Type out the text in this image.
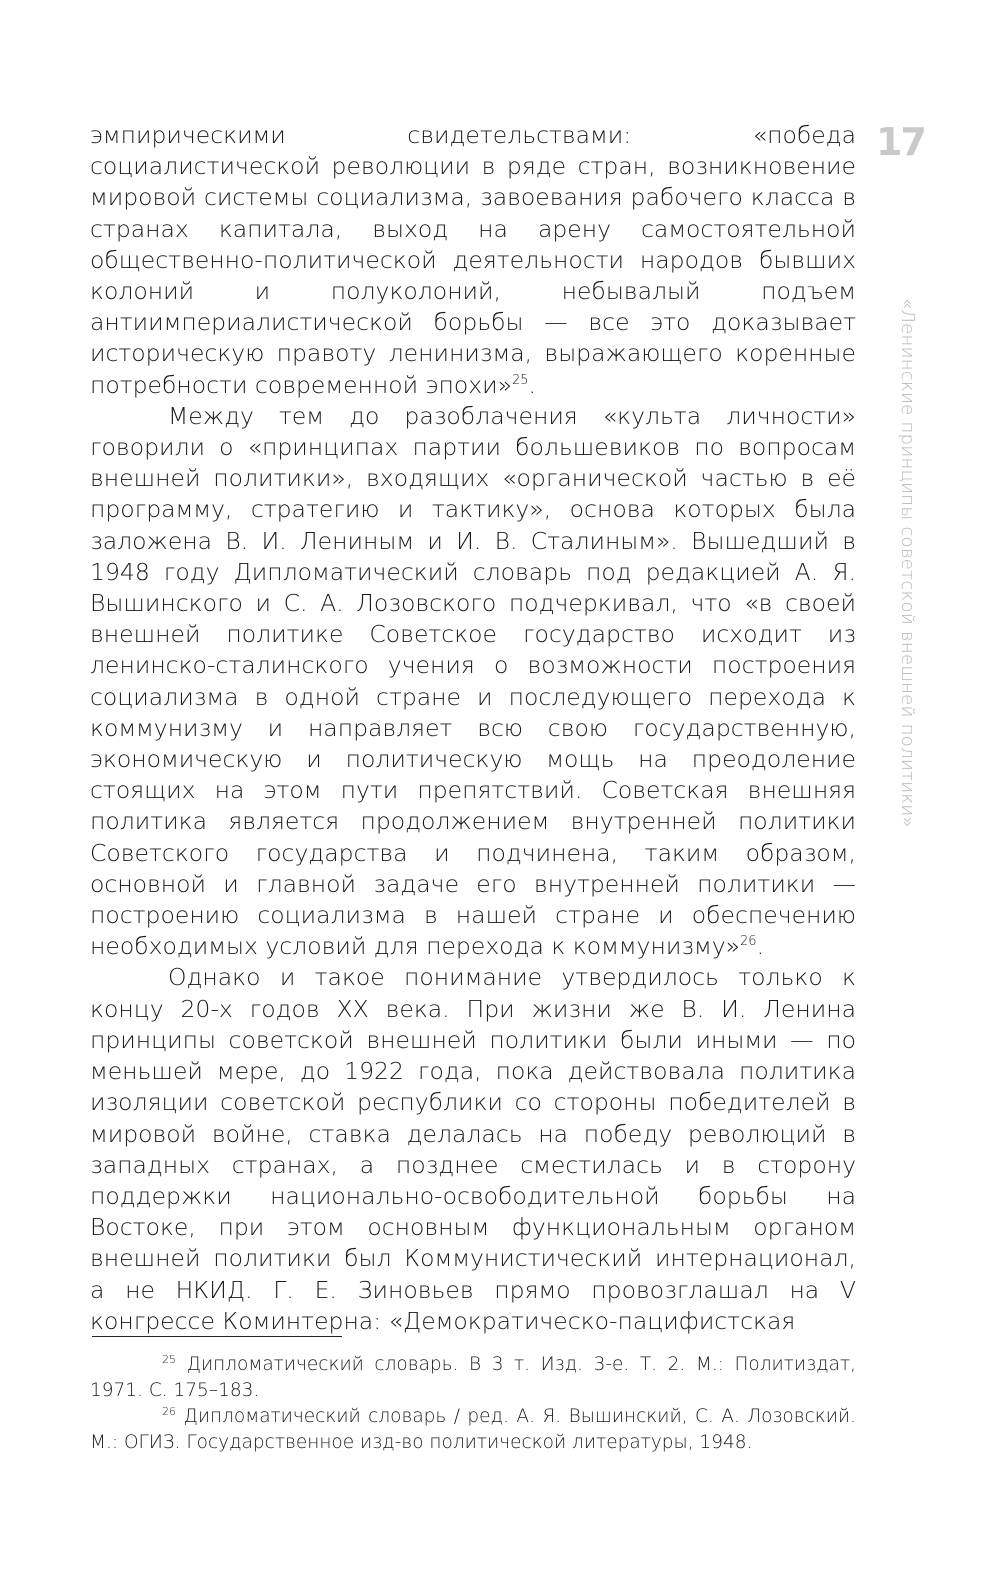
17
«Ленинские принципы советской внешней политики»

эмпирическими свидетельствами: «победа социалистической революции в ряде стран, возникновение мировой системы социализма, завоевания рабочего класса в странах капитала, выход на арену самостоятельной общественно-политической деятельности народов бывших колоний и полуколоний, небывалый подъем антиимпериалистической борьбы — все это доказывает историческую правоту ленинизма, выражающего коренные потребности современной эпохи»$^{25}$.

Между тем до разоблачения «культа личности» говорили о «принципах партии большевиков по вопросам внешней политики», входящих «органической частью в её программу, стратегию и тактику», основа которых была заложена В. И. Лениным и И. В. Сталиным». Вышедший в 1948 году Дипломатический словарь под редакцией А. Я. Вышинского и С. А. Лозовского подчеркивал, что «в своей внешней политике Советское государство исходит из ленинско-сталинского учения о возможности построения социализма в одной стране и последующего перехода к коммунизму и направляет всю свою государственную, экономическую и политическую мощь на преодоление стоящих на этом пути препятствий. Советская внешняя политика является продолжением внутренней политики Советского государства и подчинена, таким образом, основной и главной задаче его внутренней политики — построению социализма в нашей стране и обеспечению необходимых условий для перехода к коммунизму»$^{26}$.

Однако и такое понимание утвердилось только к концу 20-х годов XX века. При жизни же В. И. Ленина принципы советской внешней политики были иными — по меньшей мере, до 1922 года, пока действовала политика изоляции советской республики со стороны победителей в мировой войне, ставка делалась на победу революций в западных странах, а позднее сместилась и в сторону поддержки национально-освободительной борьбы на Востоке, при этом основным функциональным органом внешней политики был Коммунистический интернационал, а не НКИД. Г. Е. Зиновьев прямо провозглашал на V конгрессе Коминтерна: «Демократическо-пацифистская

$^{25}$ Дипломатический словарь. В 3 т. Изд. 3-е. Т. 2. М.: Политиздат, 1971. С. 175–183.

$^{26}$ Дипломатический словарь / ред. А. Я. Вышинский, С. А. Лозовский. М.: ОГИЗ. Государственное изд-во политической литературы, 1948.
